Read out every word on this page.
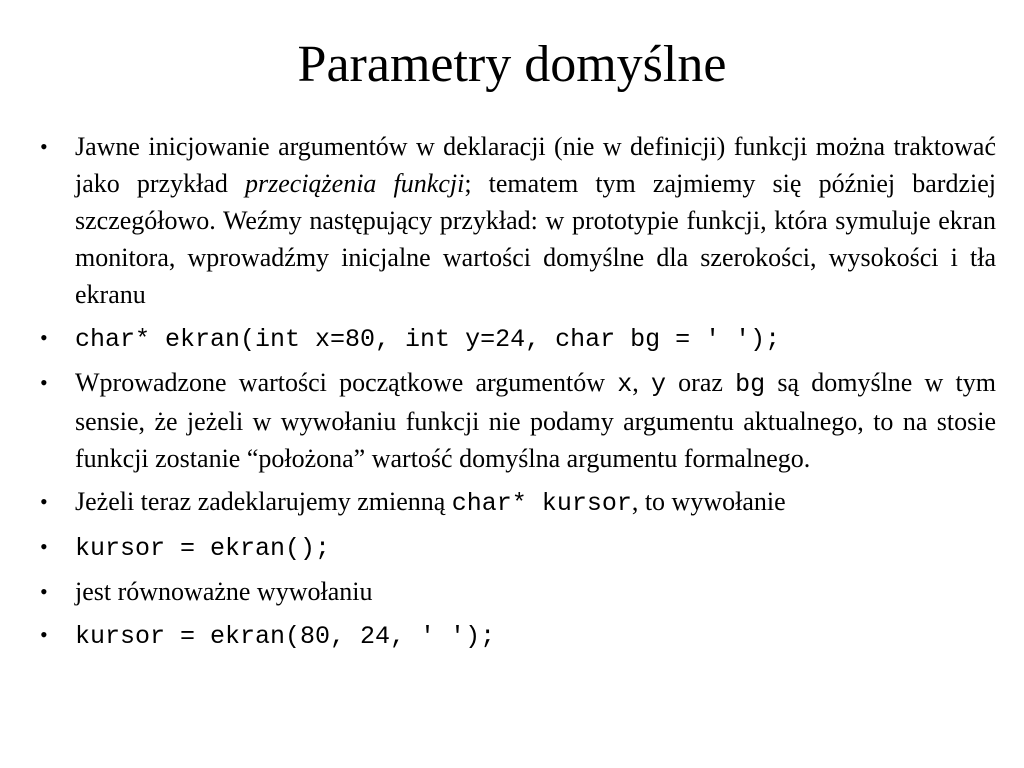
Parametry domyślne
•	Jawne inicjowanie argumentów w deklaracji (nie w definicji) funkcji można traktować jako przykład przeciążenia funkcji; tematem tym zajmiemy się później bardziej szczegółowo. Weźmy następujący przykład: w prototypie funkcji, która symuluje ekran monitora, wprowadźmy inicjalne wartości domyślne dla szerokości, wysokości i tła ekranu
•	char* ekran(int x=80, int y=24, char bg = ' ');
•	Wprowadzone wartości początkowe argumentów x, y oraz bg są domyślne w tym sensie, że jeżeli w wywołaniu funkcji nie podamy argumentu aktualnego, to na stosie funkcji zostanie “położona” wartość domyślna argumentu formalnego.
•	Jeżeli teraz zadeklarujemy zmienną char* kursor, to wywołanie
•	kursor = ekran();
•	jest równoważne wywołaniu
•	kursor = ekran(80, 24, ' ');
